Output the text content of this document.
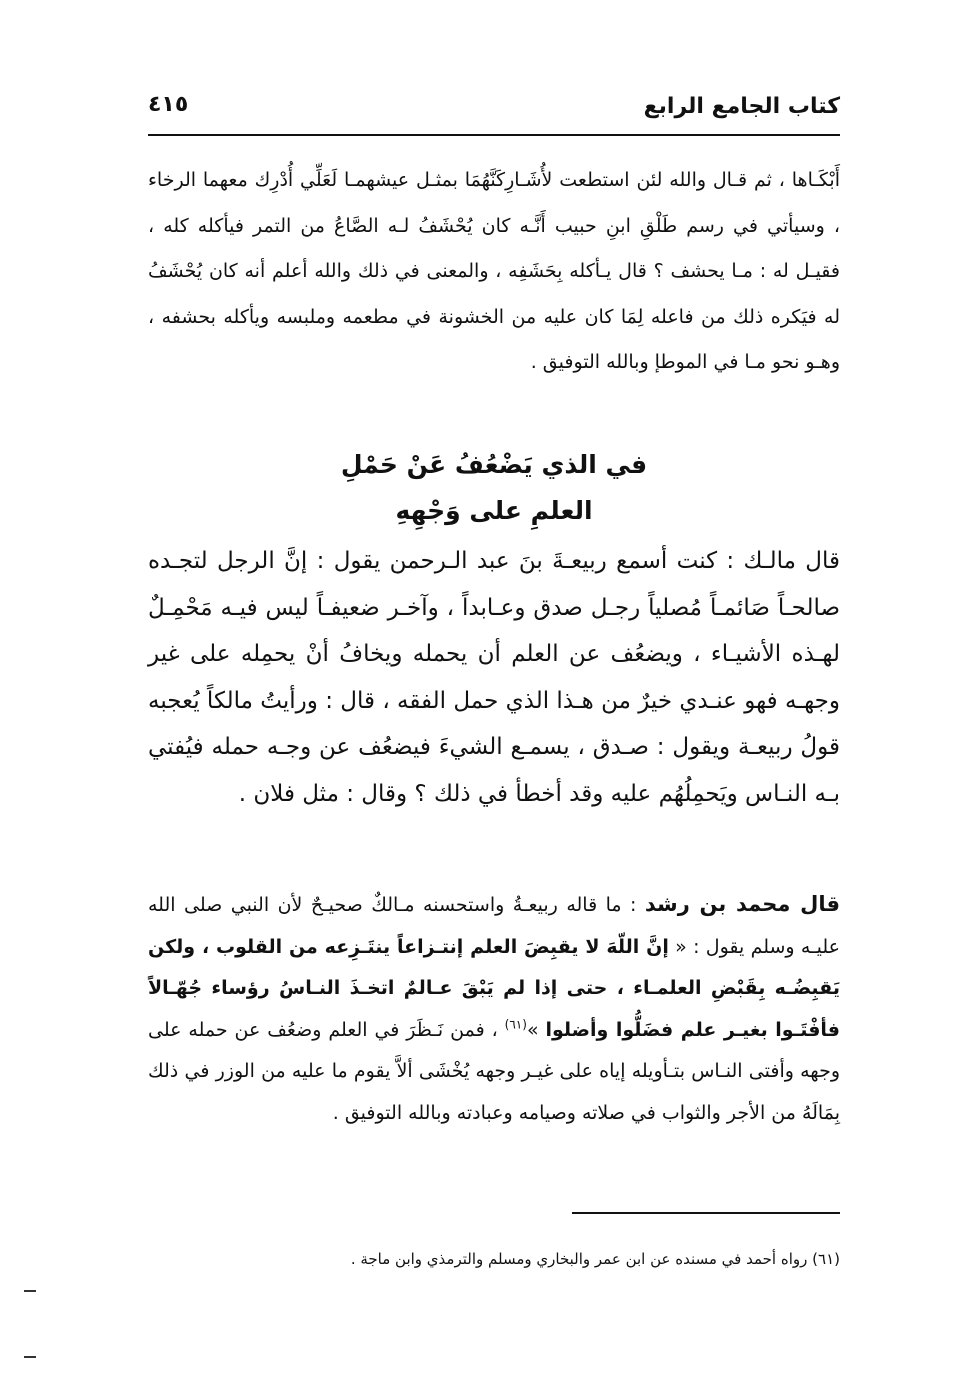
كتاب الجامع الرابع
٤١٥
أَبْكَـاها ، ثم قـال والله لئن استطعت لأُشَـارِكَنَّهُمَا بمثـل عيشهمـا لَعَلِّي أُدْرِك معهما الرخاء ، وسيأتي في رسم طَلْقِ ابنِ حبيب أَنَّـه كان يُحْشَفُ لـه الصَّاعُ من التمر فيأكله كله ، فقيـل له : مـا يحشف ؟ قال يـأكله بِحَشَفِه ، والمعنى في ذلك والله أعلم أنه كان يُحْشَفُ له فيَكره ذلك من فاعله لِمَا كان عليه من الخشونة في مطعمه وملبسه ويأكله بحشفه ، وهـو نحو مـا في الموطإ وبالله التوفيق .
في الذي يَضْعُفُ عَنْ حَمْلِ
العلمِ على وَجْهِهِ
قال مالـك : كنت أسمع ربيعـةَ بنَ عبد الـرحمن يقول : إنَّ الرجل لتجـده صالحـاً صَائمـاً مُصلياً رجـل صدق وعـابداً ، وآخـر ضعيفـاً ليس فيـه مَحْمِـلٌ لهـذه الأشيـاء ، ويضعُف عن العلم أن يحمله ويخافُ أنْ يحمِله على غير وجهـه فهو عنـدي خيرٌ من هـذا الذي حمل الفقه ، قال : ورأيتُ مالكاً يُعجبه قولُ ربيعـة ويقول : صـدق ، يسمـع الشيءَ فيضعُف عن وجـه حمله فيُفتي بـه النـاس ويَحمِلُهُم عليه وقد أخطأ في ذلك ؟ وقال : مثل فلان .
قال محمد بن رشد : ما قاله ربيعـةُ واستحسنه مـالكٌ صحيـحٌ لأن النبي صلى الله عليـه وسلم يقول : « إنَّ اللّهَ لا يقبِضَ العلم إنتـزاعاً ينتَـزِعه من القلوب ، ولكن يَقبِضُـه بِقَبْضِ العلمـاء ، حتى إذا لم يَبْقَ عـالمٌ اتخـذَ النـاسُ رؤساء جُهّـالاً فأفْتَـوا بغيـر علم فضَلُّوا وأضلوا »$^{(٦١)}$ ، فمن نَـظَرَ في العلم وضعُف عن حمله على وجهه وأفتى النـاس بتـأويله إياه على غيـر وجهه يُخْشَى ألاَّ يقوم ما عليه من الوزر في ذلك بِمَالَهُ من الأجر والثواب في صلاته وصيامه وعبادته وبالله التوفيق .
(٦١) رواه أحمد في مسنده عن ابن عمر والبخاري ومسلم والترمذي وابن ماجة .
